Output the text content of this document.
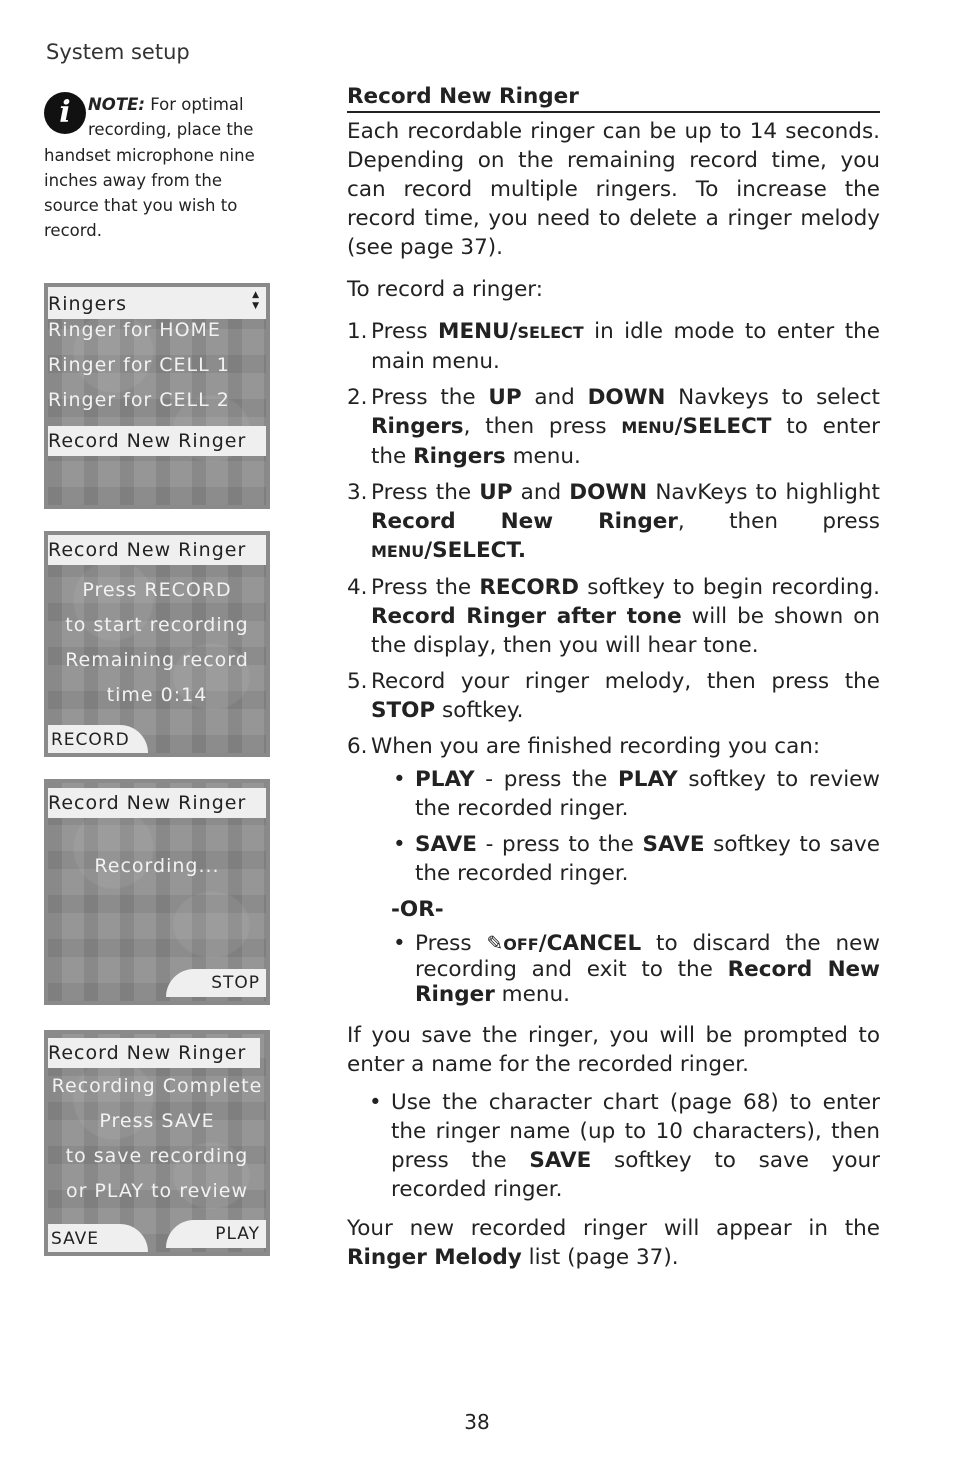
System setup
i	NOTE: For optimal recording, place the handset microphone nine inches away from the source that you wish to record.
Ringers	▲
▼
Ringer for HOME
Ringer for CELL 1
Ringer for CELL 2
Record New Ringer
Record New Ringer
Press RECORD
to start recording
Remaining record
time 0:14
RECORD
Record New Ringer
Recording...
STOP
Record New Ringer
Recording Complete
Press SAVE
to save recording
or PLAY to review
SAVE	PLAY
Record New Ringer

Each recordable ringer can be up to 14 seconds. Depending on the remaining record time, you can record multiple ringers. To increase the record time, you need to delete a ringer melody (see page 37).

To record a ringer:

1. Press MENU/SELECT in idle mode to enter the main menu.
2. Press the UP and DOWN Navkeys to select Ringers, then press MENU/SELECT to enter the Ringers menu.
3. Press the UP and DOWN NavKeys to highlight Record New Ringer, then press MENU/SELECT.
4. Press the RECORD softkey to begin recording. Record Ringer after tone will be shown on the display, then you will hear tone.
5. Record your ringer melody, then press the STOP softkey.
6. When you are finished recording you can:
• PLAY - press the PLAY softkey to review the recorded ringer.
• SAVE - press to the SAVE softkey to save the recorded ringer.
-OR-
• Press ✎OFF/CANCEL to discard the new recording and exit to the Record New Ringer menu.

If you save the ringer, you will be prompted to enter a name for the recorded ringer.

• Use the character chart (page 68) to enter the ringer name (up to 10 characters), then press the SAVE softkey to save your recorded ringer.

Your new recorded ringer will appear in the Ringer Melody list (page 37).

38
